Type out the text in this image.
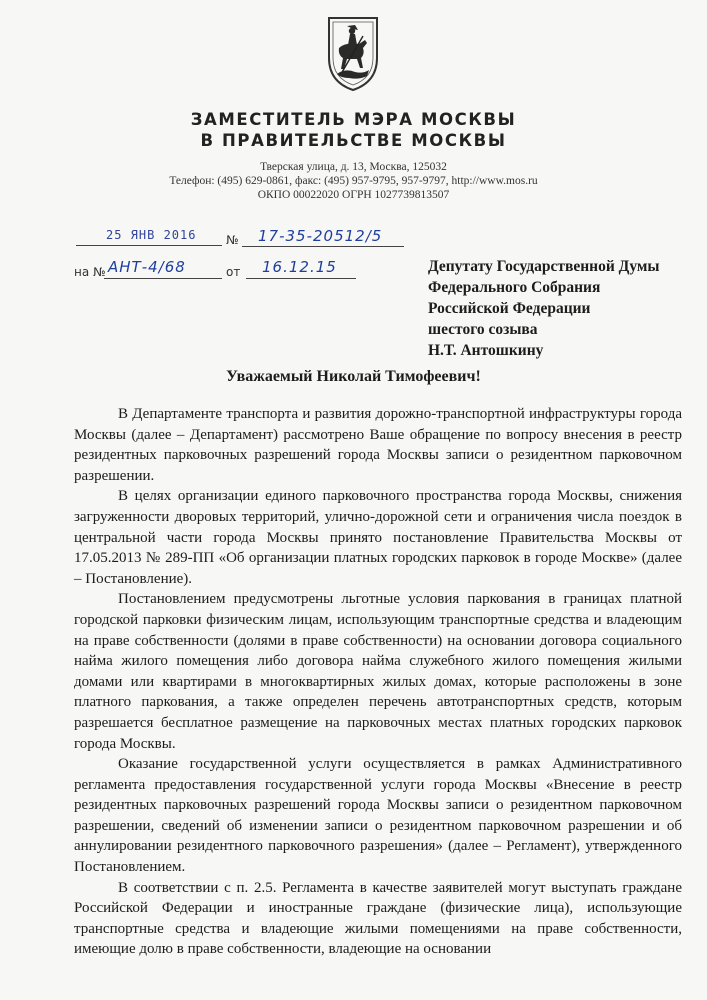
ЗАМЕСТИТЕЛЬ МЭРА МОСКВЫ
В ПРАВИТЕЛЬСТВЕ МОСКВЫ
Тверская улица, д. 13, Москва, 125032
Телефон: (495) 629-0861, факс: (495) 957-9795, 957-9797, http://www.mos.ru
ОКПО 00022020 ОГРН 1027739813507
25 ЯНВ 2016 № 17-35-20512/5
на № АНТ-4/68	от 16.12.15	Депутату Государственной Думы
Федерального Собрания
Российской Федерации
шестого созыва
Н.Т. Антошкину
Уважаемый Николай Тимофеевич!

В Департаменте транспорта и развития дорожно-транспортной инфраструктуры города Москвы (далее – Департамент) рассмотрено Ваше обращение по вопросу внесения в реестр резидентных парковочных разрешений города Москвы записи о резидентном парковочном разрешении.

В целях организации единого парковочного пространства города Москвы, снижения загруженности дворовых территорий, улично-дорожной сети и ограничения числа поездок в центральной части города Москвы принято постановление Правительства Москвы от 17.05.2013 № 289-ПП «Об организации платных городских парковок в городе Москве» (далее – Постановление).

Постановлением предусмотрены льготные условия паркования в границах платной городской парковки физическим лицам, использующим транспортные средства и владеющим на праве собственности (долями в праве собственности) на основании договора социального найма жилого помещения либо договора найма служебного жилого помещения жилыми домами или квартирами в многоквартирных жилых домах, которые расположены в зоне платного паркования, а также определен перечень автотранспортных средств, которым разрешается бесплатное размещение на парковочных местах платных городских парковок города Москвы.

Оказание государственной услуги осуществляется в рамках Административного регламента предоставления государственной услуги города Москвы «Внесение в реестр резидентных парковочных разрешений города Москвы записи о резидентном парковочном разрешении, сведений об изменении записи о резидентном парковочном разрешении и об аннулировании резидентного парковочного разрешения» (далее – Регламент), утвержденного Постановлением.

В соответствии с п. 2.5. Регламента в качестве заявителей могут выступать граждане Российской Федерации и иностранные граждане (физические лица), использующие транспортные средства и владеющие жилыми помещениями на праве собственности, имеющие долю в праве собственности, владеющие на основании
